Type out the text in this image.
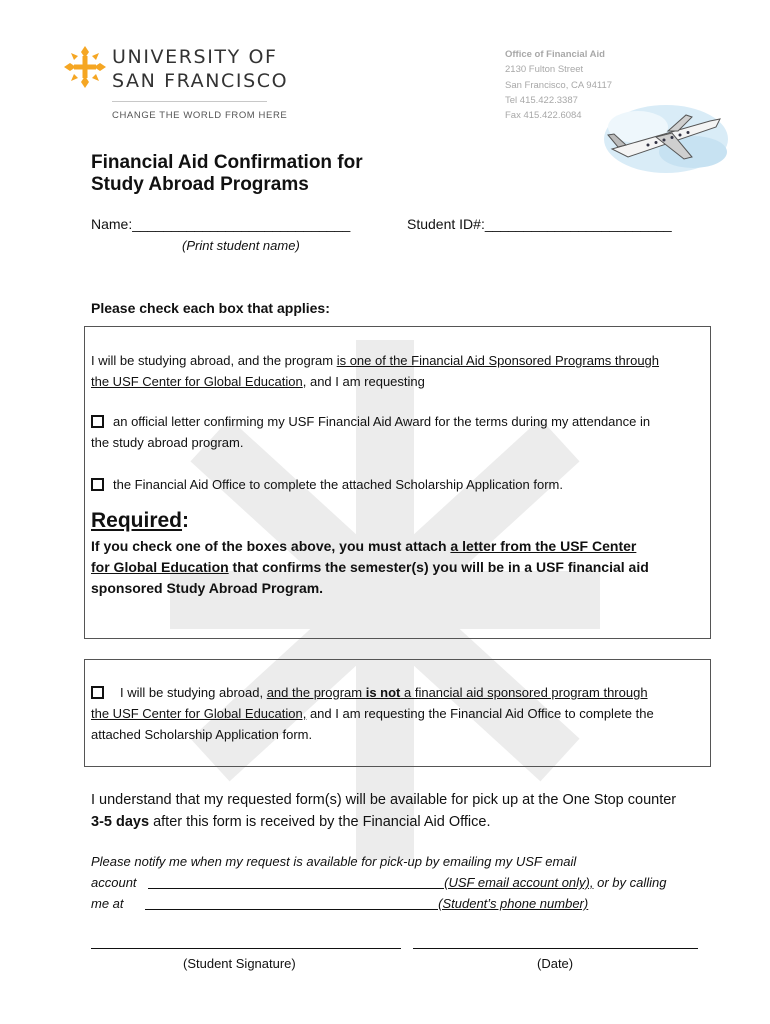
UNIVERSITY OF
SAN FRANCISCO
CHANGE THE WORLD FROM HERE
Office of Financial Aid
2130 Fulton Street
San Francisco, CA 94117
Tel 415.422.3387
Fax 415.422.6084
Financial Aid Confirmation for
Study Abroad Programs
Name:____________________________	Student ID#:________________________
(Print student name)
Please check each box that applies:
I will be studying abroad, and the program is one of the Financial Aid Sponsored Programs through
the USF Center for Global Education, and I am requesting
an official letter confirming my USF Financial Aid Award for the terms during my attendance in
the study abroad program.
the Financial Aid Office to complete the attached Scholarship Application form.
Required:
If you check one of the boxes above, you must attach a letter from the USF Center
for Global Education that confirms the semester(s) you will be in a USF financial aid
sponsored Study Abroad Program.
I will be studying abroad, and the program is not a financial aid sponsored program through
the USF Center for Global Education, and I am requesting the Financial Aid Office to complete the
attached Scholarship Application form.
I understand that my requested form(s) will be available for pick up at the One Stop counter
3-5 days after this form is received by the Financial Aid Office.
Please notify me when my request is available for pick-up by emailing my USF email
account	(USF email account only), or by calling
me at	(Student’s phone number)
(Student Signature)	(Date)
